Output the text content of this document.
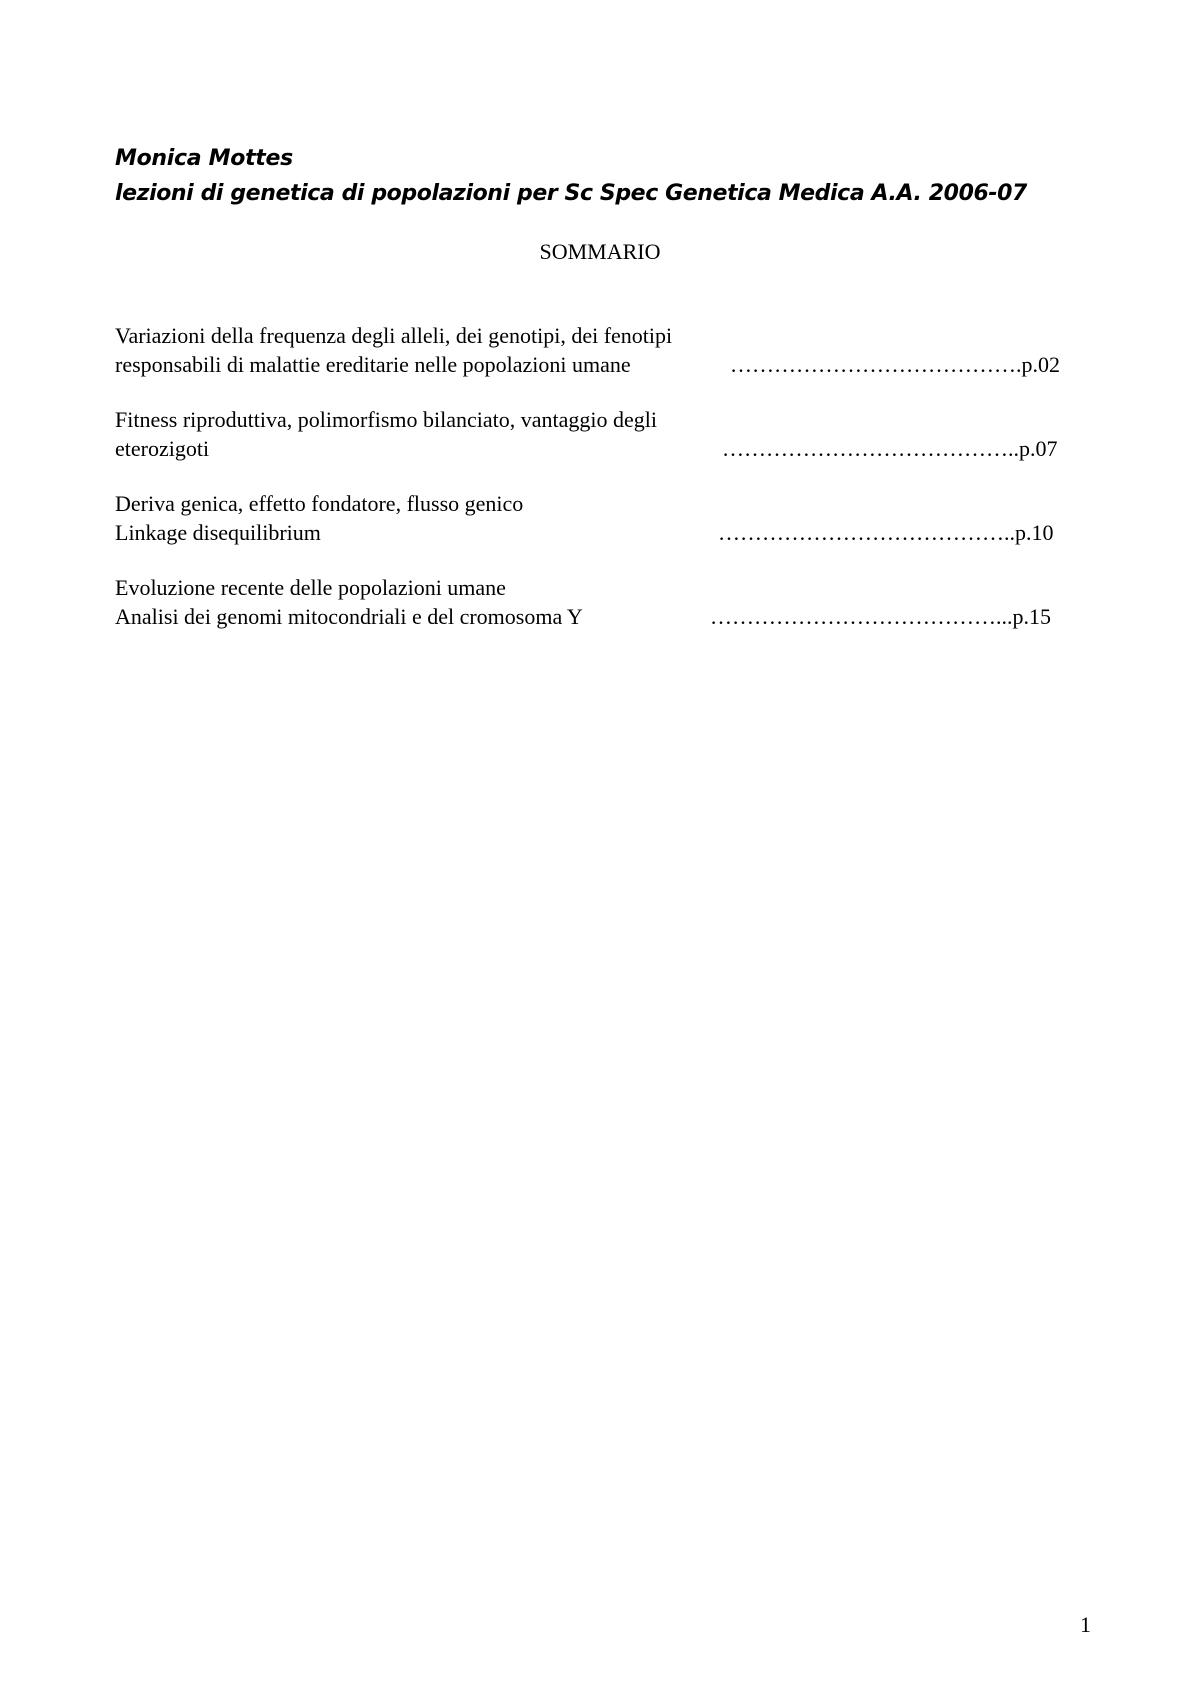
Monica Mottes
lezioni di genetica di popolazioni per Sc Spec Genetica Medica A.A. 2006-07
SOMMARIO
Variazioni della frequenza degli alleli, dei genotipi, dei fenotipi
responsabili di malattie ereditarie nelle popolazioni umane	………………………………….p.02
Fitness riproduttiva, polimorfismo bilanciato, vantaggio degli
eterozigoti	…………………………………..p.07
Deriva genica, effetto fondatore, flusso genico
Linkage disequilibrium	…………………………………..p.10
Evoluzione recente delle popolazioni umane
Analisi dei genomi mitocondriali e del cromosoma Y	…………………………………...p.15
1
